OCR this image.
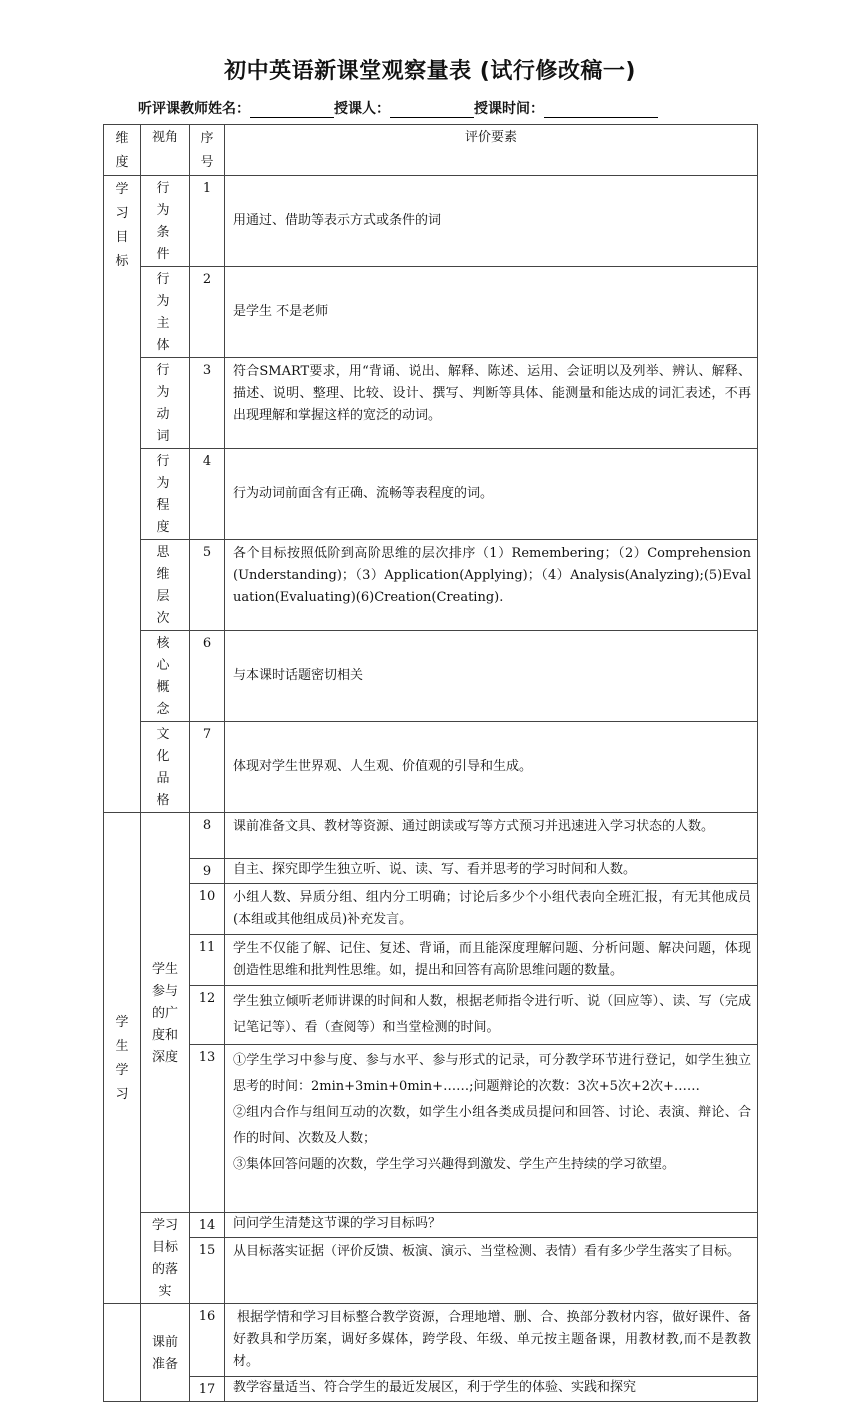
初中英语新课堂观察量表 (试行修改稿一)
听评课教师姓名：	授课人：	授课时间：
维度	视角	序号	评价要素
学习目标	行为条件	1	用通过、借助等表示方式或条件的词
	行为主体	2	是学生 不是老师
	行为动词	3	符合SMART要求，用“背诵、说出、解释、陈述、运用、会证明以及列举、辨认、解释、描述、说明、整理、比较、设计、撰写、判断等具体、能测量和能达成的词汇表述，不再出现理解和掌握这样的宽泛的动词。
	行为程度	4	行为动词前面含有正确、流畅等表程度的词。
	思维层次	5	各个目标按照低阶到高阶思维的层次排序（1）Remembering；（2）Comprehension(Understanding)；（3）Application(Applying)；（4）Analysis(Analyzing);(5)Evaluation(Evaluating)(6)Creation(Creating).
	核心概念	6	与本课时话题密切相关
	文化品格	7	体现对学生世界观、人生观、价值观的引导和生成。
学生学习	学生参与的广度和深度	8	课前准备文具、教材等资源、通过朗读或写等方式预习并迅速进入学习状态的人数。
		9	自主、探究即学生独立听、说、读、写、看并思考的学习时间和人数。
		10	小组人数、异质分组、组内分工明确；讨论后多少个小组代表向全班汇报，有无其他成员(本组或其他组成员)补充发言。
		11	学生不仅能了解、记住、复述、背诵，而且能深度理解问题、分析问题、解决问题，体现创造性思维和批判性思维。如，提出和回答有高阶思维问题的数量。
		12	学生独立倾听老师讲课的时间和人数，根据老师指令进行听、说（回应等）、读、写（完成记笔记等）、看（查阅等）和当堂检测的时间。
		13	①学生学习中参与度、参与水平、参与形式的记录，可分教学环节进行登记，如学生独立思考的时间：2min+3min+0min+……;问题辩论的次数：3次+5次+2次+……

②组内合作与组间互动的次数，如学生小组各类成员提问和回答、讨论、表演、辩论、合作的时间、次数及人数；

③集体回答问题的次数，学生学习兴趣得到激发、学生产生持续的学习欲望。

	学习目标的落实	14	问问学生清楚这节课的学习目标吗？
		15	从目标落实证据（评价反馈、板演、演示、当堂检测、表情）看有多少学生落实了目标。
	课前准备	16	根据学情和学习目标整合教学资源，合理地增、删、合、换部分教材内容，做好课件、备好教具和学历案，调好多媒体，跨学段、年级、单元按主题备课，用教材教,而不是教教材。
		17	教学容量适当、符合学生的最近发展区，利于学生的体验、实践和探究
